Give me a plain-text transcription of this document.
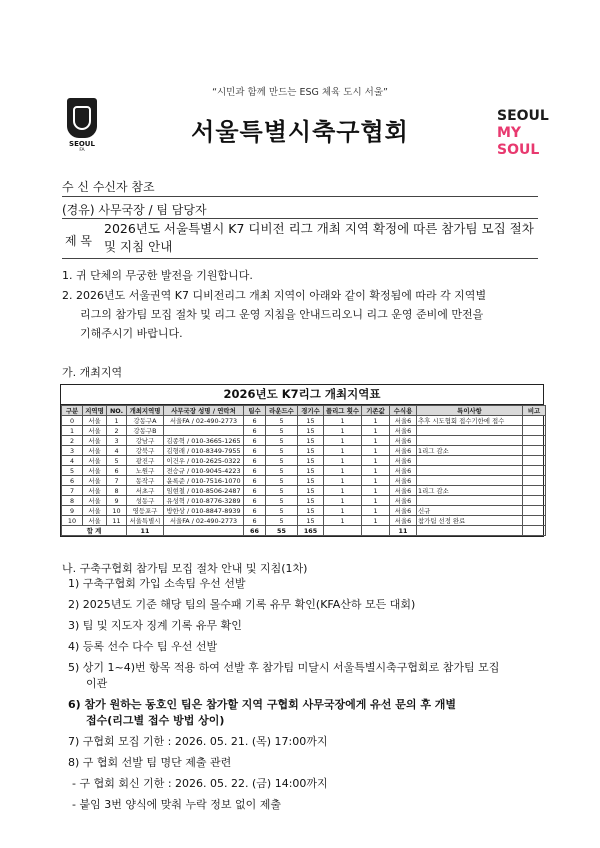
“시민과 함께 만드는 ESG 체육 도시 서울”
SEOUL
FA
서울특별시축구협회
SEOUL
MY SOUL
수 신 수신자 참조
(경유) 사무국장 / 팀 담당자
제 목
2026년도 서울특별시 K7 디비전 리그 개최 지역 확정에 따른 참가팀 모집 절차 및 지침 안내
1. 귀 단체의 무궁한 발전을 기원합니다.
2. 2026년도 서울권역 K7 디비전리그 개최 지역이 아래와 같이 확정됨에 따라 각 지역별
리그의 참가팀 모집 절차 및 리그 운영 지침을 안내드리오니 리그 운영 준비에 만전을
기해주시기 바랍니다.
가. 개최지역
2026년도 K7리그 개최지역표
구분	지역명	NO.	개최지역명	사무국장 성명 / 연락처	팀수	라운드수	경기수	플리그 횟수	기존값	수식용	특이사항	비고
0	서울	1	강동구A	서울FA / 02-490-2773	6	5	15	1	1	서울6	추후 시도협회 접수기한에 접수	
1	서울	2	강동구B		6	5	15	1	1	서울6		
2	서울	3	강남구	김종혁 / 010-3665-1265	6	5	15	1	1	서울6		
3	서울	4	강북구	김형래 / 010-8349-7955	6	5	15	1	1	서울6	1리그 감소	
4	서울	5	광진구	이건우 / 010-2625-0322	6	5	15	1	1	서울6		
5	서울	6	노원구	전승규 / 010-9045-4223	6	5	15	1	1	서울6		
6	서울	7	동작구	윤록준 / 010-7516-1070	6	5	15	1	1	서울6		
7	서울	8	서초구	임현철 / 010-8506-2487	6	5	15	1	1	서울6	1리그 감소	
8	서울	9	성동구	유성혁 / 010-8776-3289	6	5	15	1	1	서울6		
9	서울	10	영등포구	방한상 / 010-8847-8939	6	5	15	1	1	서울6	신규	
10	서울	11	서울특별시	서울FA / 02-490-2773	6	5	15	1	1	서울6	참가팀 선정 완료	
합 계			11		66	55	165			11		
나. 구축구협회 참가팀 모집 절차 안내 및 지침(1차)
1) 구축구협회 가입 소속팀 우선 선발
2) 2025년도 기준 해당 팀의 몰수패 기록 유무 확인(KFA산하 모든 대회)
3) 팀 및 지도자 징계 기록 유무 확인
4) 등록 선수 다수 팀 우선 선발
5) 상기 1~4)번 항목 적용 하여 선발 후 참가팀 미달시 서울특별시축구협회로 참가팀 모집
이관
6) 참가 원하는 동호인 팀은 참가할 지역 구협회 사무국장에게 유선 문의 후 개별
접수(리그별 접수 방법 상이)
7) 구협회 모집 기한 : 2026. 05. 21. (목) 17:00까지
8) 구 협회 선발 팀 명단 제출 관련
- 구 협회 회신 기한 : 2026. 05. 22. (금) 14:00까지
- 붙임 3번 양식에 맞춰 누락 정보 없이 제출
